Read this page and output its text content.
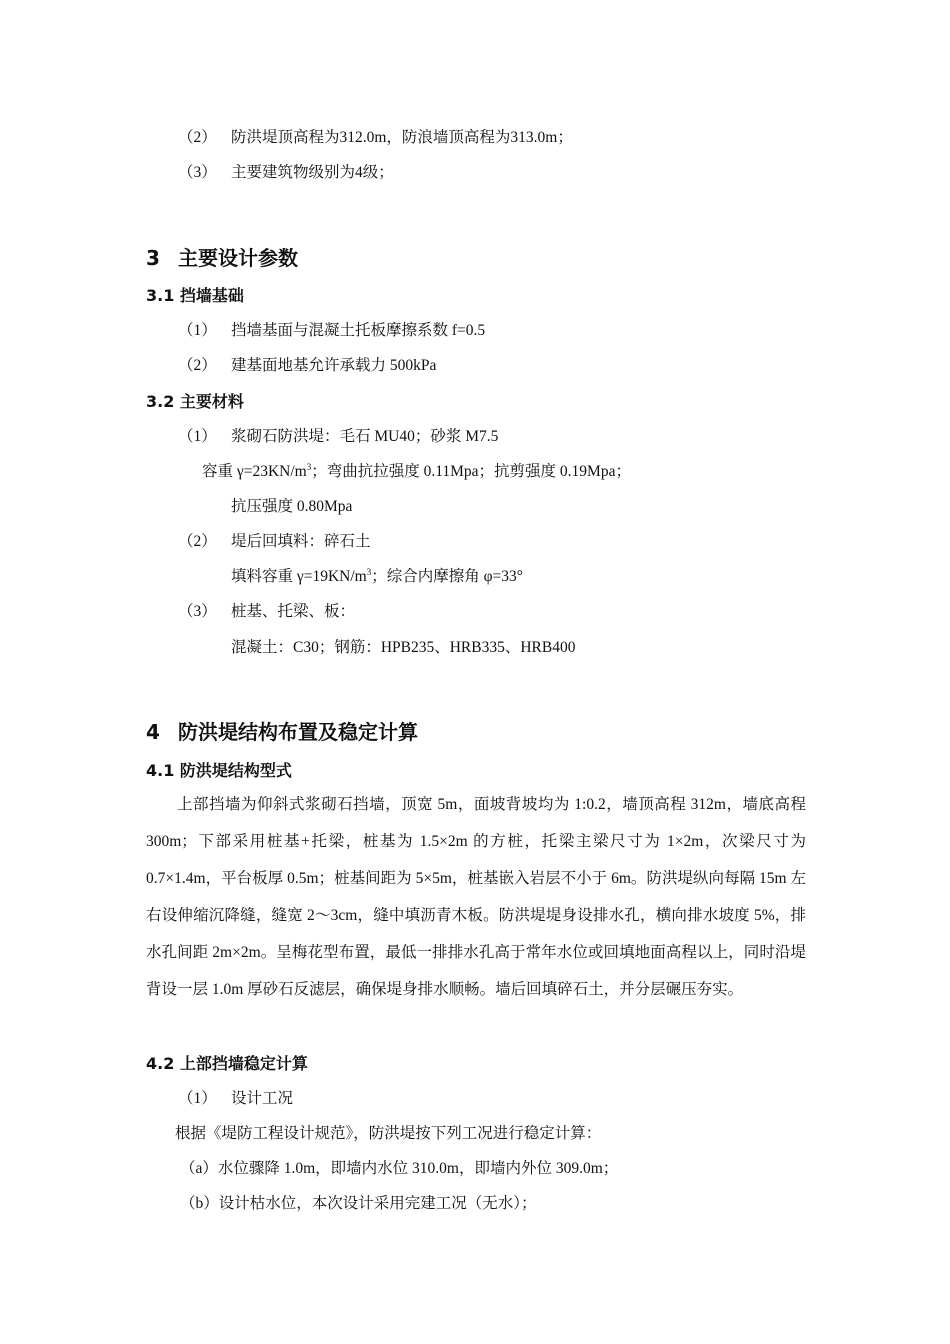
（2） 防洪堤顶高程为312.0m，防浪墙顶高程为313.0m；
（3） 主要建筑物级别为4级；
3 主要设计参数
3.1 挡墙基础
（1） 挡墙基面与混凝土托板摩擦系数 f=0.5
（2） 建基面地基允许承载力 500kPa
3.2 主要材料
（1） 浆砌石防洪堤：毛石 MU40；砂浆 M7.5
容重 $\gamma=23KN/m^3$；弯曲抗拉强度 0.11Mpa；抗剪强度 0.19Mpa；
抗压强度 0.80Mpa
（2） 堤后回填料：碎石土
填料容重 $\gamma=19KN/m^3$；综合内摩擦角 φ=33°
（3） 桩基、托梁、板：
混凝土：C30；钢筋：HPB235、HRB335、HRB400
4 防洪堤结构布置及稳定计算
4.1 防洪堤结构型式
上部挡墙为仰斜式浆砌石挡墙，顶宽 5m，面坡背坡均为 1:0.2，墙顶高程 312m，墙底高程 300m；下部采用桩基+托梁，桩基为 1.5×2m 的方桩，托梁主梁尺寸为 1×2m，次梁尺寸为 0.7×1.4m，平台板厚 0.5m；桩基间距为 5×5m，桩基嵌入岩层不小于 6m。防洪堤纵向每隔 15m 左右设伸缩沉降缝，缝宽 2～3cm，缝中填沥青木板。防洪堤堤身设排水孔，横向排水坡度 5%，排水孔间距 2m×2m。呈梅花型布置，最低一排排水孔高于常年水位或回填地面高程以上，同时沿堤背设一层 1.0m 厚砂石反滤层，确保堤身排水顺畅。墙后回填碎石土，并分层碾压夯实。
4.2 上部挡墙稳定计算
（1） 设计工况
根据《堤防工程设计规范》，防洪堤按下列工况进行稳定计算：
（a）水位骤降 1.0m，即墙内水位 310.0m，即墙内外位 309.0m；
（b）设计枯水位，本次设计采用完建工况（无水）；
